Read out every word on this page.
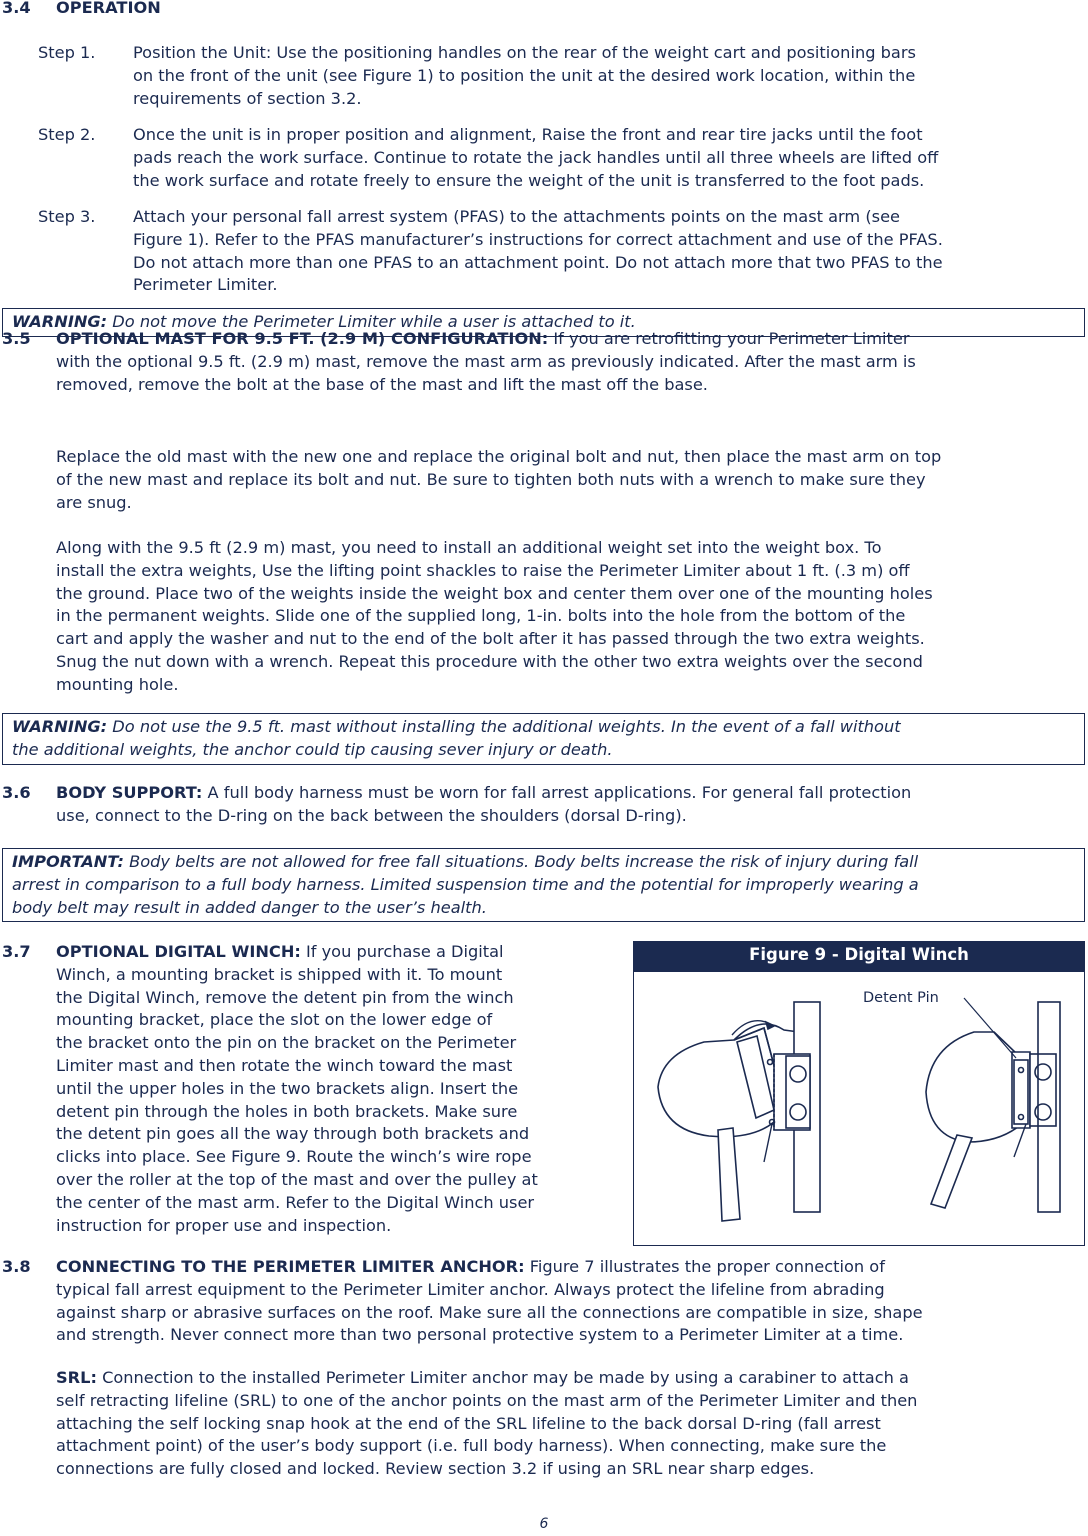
3.4 OPERATION
Step 1. Position the Unit: Use the positioning handles on the rear of the weight cart and positioning bars
on the front of the unit (see Figure 1) to position the unit at the desired work location, within the
requirements of section 3.2.
Step 2. Once the unit is in proper position and alignment, Raise the front and rear tire jacks until the foot
pads reach the work surface. Continue to rotate the jack handles until all three wheels are lifted off
the work surface and rotate freely to ensure the weight of the unit is transferred to the foot pads.
Step 3. Attach your personal fall arrest system (PFAS) to the attachments points on the mast arm (see
Figure 1). Refer to the PFAS manufacturer’s instructions for correct attachment and use of the PFAS.
Do not attach more than one PFAS to an attachment point. Do not attach more that two PFAS to the
Perimeter Limiter.
WARNING: Do not move the Perimeter Limiter while a user is attached to it.
3.5 OPTIONAL MAST FOR 9.5 FT. (2.9 M) CONFIGURATION: If you are retrofitting your Perimeter Limiter
with the optional 9.5 ft. (2.9 m) mast, remove the mast arm as previously indicated. After the mast arm is
removed, remove the bolt at the base of the mast and lift the mast off the base.
Replace the old mast with the new one and replace the original bolt and nut, then place the mast arm on top
of the new mast and replace its bolt and nut. Be sure to tighten both nuts with a wrench to make sure they
are snug.
Along with the 9.5 ft (2.9 m) mast, you need to install an additional weight set into the weight box. To
install the extra weights, Use the lifting point shackles to raise the Perimeter Limiter about 1 ft. (.3 m) off
the ground. Place two of the weights inside the weight box and center them over one of the mounting holes
in the permanent weights. Slide one of the supplied long, 1-in. bolts into the hole from the bottom of the
cart and apply the washer and nut to the end of the bolt after it has passed through the two extra weights.
Snug the nut down with a wrench. Repeat this procedure with the other two extra weights over the second
mounting hole.
WARNING: Do not use the 9.5 ft. mast without installing the additional weights. In the event of a fall without
the additional weights, the anchor could tip causing sever injury or death.
3.6 BODY SUPPORT: A full body harness must be worn for fall arrest applications. For general fall protection
use, connect to the D-ring on the back between the shoulders (dorsal D-ring).
IMPORTANT: Body belts are not allowed for free fall situations. Body belts increase the risk of injury during fall
arrest in comparison to a full body harness. Limited suspension time and the potential for improperly wearing a
body belt may result in added danger to the user’s health.
3.7 OPTIONAL DIGITAL WINCH: If you purchase a Digital
Winch, a mounting bracket is shipped with it. To mount
the Digital Winch, remove the detent pin from the winch
mounting bracket, place the slot on the lower edge of
the bracket onto the pin on the bracket on the Perimeter
Limiter mast and then rotate the winch toward the mast
until the upper holes in the two brackets align. Insert the
detent pin through the holes in both brackets. Make sure
the detent pin goes all the way through both brackets and
clicks into place. See Figure 9. Route the winch’s wire rope
over the roller at the top of the mast and over the pulley at
the center of the mast arm. Refer to the Digital Winch user
instruction for proper use and inspection.
Figure 9 - Digital Winch
Detent Pin
3.8 CONNECTING TO THE PERIMETER LIMITER ANCHOR: Figure 7 illustrates the proper connection of
typical fall arrest equipment to the Perimeter Limiter anchor. Always protect the lifeline from abrading
against sharp or abrasive surfaces on the roof. Make sure all the connections are compatible in size, shape
and strength. Never connect more than two personal protective system to a Perimeter Limiter at a time.
SRL: Connection to the installed Perimeter Limiter anchor may be made by using a carabiner to attach a
self retracting lifeline (SRL) to one of the anchor points on the mast arm of the Perimeter Limiter and then
attaching the self locking snap hook at the end of the SRL lifeline to the back dorsal D-ring (fall arrest
attachment point) of the user’s body support (i.e. full body harness). When connecting, make sure the
connections are fully closed and locked. Review section 3.2 if using an SRL near sharp edges.
6
